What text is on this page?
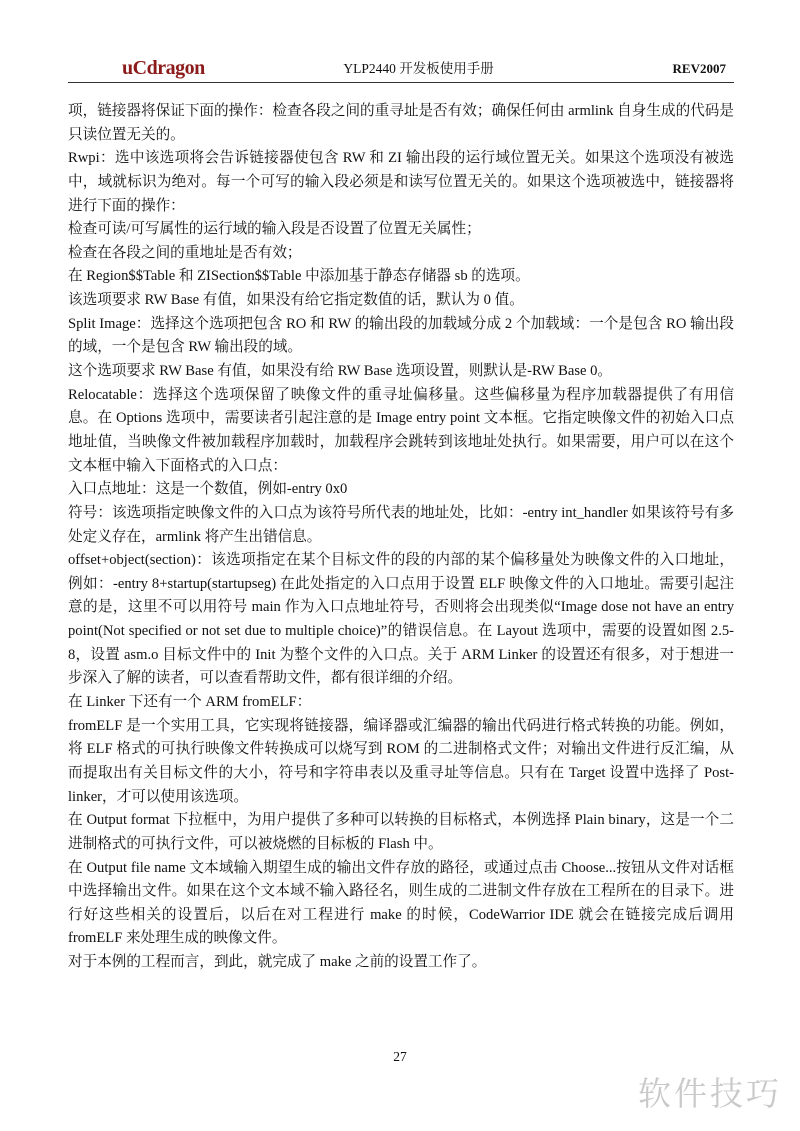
uCdragon	YLP2440 开发板使用手册	REV2007

项，链接器将保证下面的操作：检查各段之间的重寻址是否有效；确保任何由 armlink 自身生成的代码是只读位置无关的。

Rwpi：选中该选项将会告诉链接器使包含 RW 和 ZI 输出段的运行域位置无关。如果这个选项没有被选中，域就标识为绝对。每一个可写的输入段必须是和读写位置无关的。如果这个选项被选中，链接器将进行下面的操作：

检查可读/可写属性的运行域的输入段是否设置了位置无关属性；

检查在各段之间的重地址是否有效；

在 Region$$Table 和 ZISection$$Table 中添加基于静态存储器 sb 的选项。

该选项要求 RW Base 有值，如果没有给它指定数值的话，默认为 0 值。

Split Image：选择这个选项把包含 RO 和 RW 的输出段的加载域分成 2 个加载域：一个是包含 RO 输出段的域，一个是包含 RW 输出段的域。

这个选项要求 RW Base 有值，如果没有给 RW Base 选项设置，则默认是-RW Base 0。

Relocatable：选择这个选项保留了映像文件的重寻址偏移量。这些偏移量为程序加载器提供了有用信息。在 Options 选项中，需要读者引起注意的是 Image entry point 文本框。它指定映像文件的初始入口点地址值，当映像文件被加载程序加载时，加载程序会跳转到该地址处执行。如果需要，用户可以在这个文本框中输入下面格式的入口点：

入口点地址：这是一个数值，例如-entry 0x0

符号：该选项指定映像文件的入口点为该符号所代表的地址处，比如：-entry int_handler 如果该符号有多处定义存在，armlink 将产生出错信息。

offset+object(section)：该选项指定在某个目标文件的段的内部的某个偏移量处为映像文件的入口地址，例如：-entry 8+startup(startupseg) 在此处指定的入口点用于设置 ELF 映像文件的入口地址。需要引起注意的是，这里不可以用符号 main 作为入口点地址符号，否则将会出现类似“Image dose not have an entry point(Not specified or not set due to multiple choice)”的错误信息。在 Layout 选项中，需要的设置如图 2.5-8，设置 asm.o 目标文件中的 Init 为整个文件的入口点。关于 ARM Linker 的设置还有很多，对于想进一步深入了解的读者，可以查看帮助文件，都有很详细的介绍。

在 Linker 下还有一个 ARM fromELF：

fromELF 是一个实用工具，它实现将链接器，编译器或汇编器的输出代码进行格式转换的功能。例如，将 ELF 格式的可执行映像文件转换成可以烧写到 ROM 的二进制格式文件；对输出文件进行反汇编，从而提取出有关目标文件的大小，符号和字符串表以及重寻址等信息。只有在 Target 设置中选择了 Post-linker，才可以使用该选项。

在 Output format 下拉框中，为用户提供了多种可以转换的目标格式，本例选择 Plain binary，这是一个二进制格式的可执行文件，可以被烧燃的目标板的 Flash 中。

在 Output file name 文本域输入期望生成的输出文件存放的路径，或通过点击 Choose...按钮从文件对话框中选择输出文件。如果在这个文本域不输入路径名，则生成的二进制文件存放在工程所在的目录下。进行好这些相关的设置后，以后在对工程进行 make 的时候，CodeWarrior IDE 就会在链接完成后调用 fromELF 来处理生成的映像文件。

对于本例的工程而言，到此，就完成了 make 之前的设置工作了。

27
软件技巧
